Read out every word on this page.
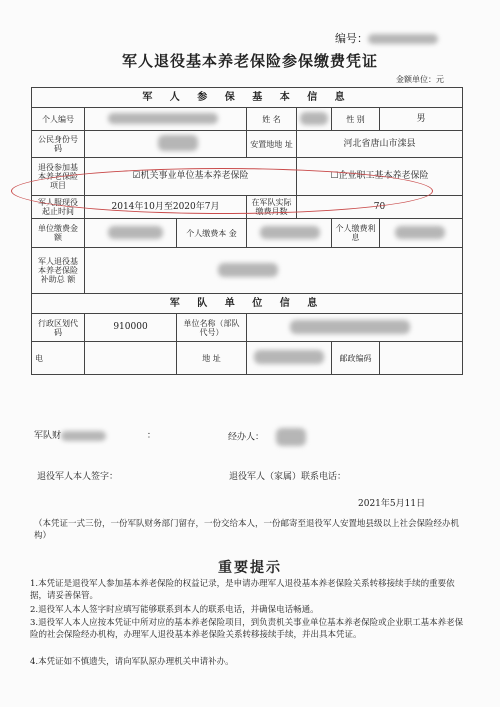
编号：
军人退役基本养老保险参保缴费凭证
金额单位：元
军 人 参 保 基 本 信 息						
个人编号			姓 名		性 别	男
公民身份号 码			安置地地 址	河北省唐山市滦县		
退役参加基本养老保险项目	☑机关事业单位基本养老保险			☐企业职工基本养老保险		
军人服现役起止时间	2014年10月至2020年7月		在军队实际缴费月数	70		
单位缴费金 额		个人缴费本 金			个人缴费利 息	
军人退役基本养老保险补助总 额						
军 队 单 位 信 息						
行政区划代 码	910000	单位名称（部队代号）				
电		地 址			邮政编码	
军队财	：	经办人：
退役军人本人签字：	退役军人（家属）联系电话：
2021年5月11日
（本凭证一式三份，一份军队财务部门留存，一份交给本人，一份邮寄至退役军人安置地县级以上社会保险经办机构）
重要提示
1.本凭证是退役军人参加基本养老保险的权益记录，是申请办理军人退役基本养老保险关系转移接续手续的重要依据，请妥善保管。
2.退役军人本人签字时应填写能够联系到本人的联系电话，并确保电话畅通。
3.退役军人本人应按本凭证中所对应的基本养老保险项目，到负责机关事业单位基本养老保险或企业职工基本养老保险的社会保险经办机构，办理军人退役基本养老保险关系转移接续手续，并出具本凭证。
4.本凭证如不慎遗失，请向军队原办理机关申请补办。
